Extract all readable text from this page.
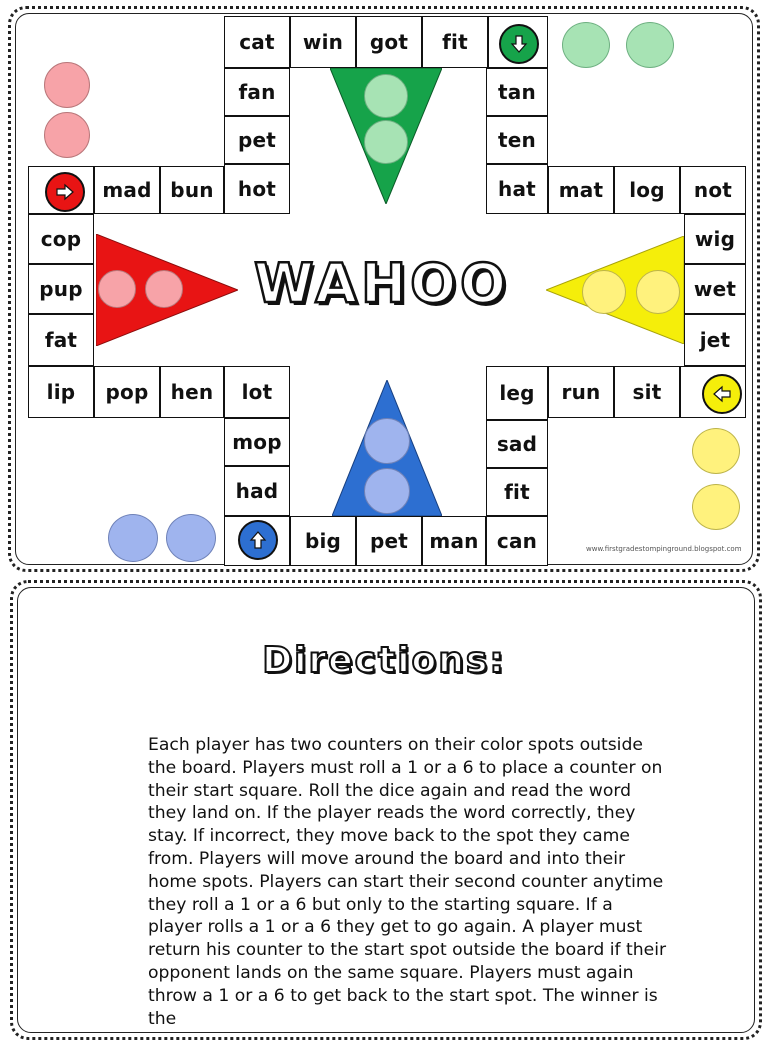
cat	win	got	fit
fan
pet
hot
tan
ten
hat	mat	log	not
wig
wet
jet
mad bun
cop
pup
fat
lip	pop	hen	lot
mop
had
big	pet	man can
fit
sad
leg	run	sit
WAHOO
www.firstgradestompinground.blogspot.com
Directions:
Each player has two counters on their color spots outside the board. Players must roll a 1 or a 6 to place a counter on their start square. Roll the dice again and read the word they land on. If the player reads the word correctly, they stay. If incorrect, they move back to the spot they came from. Players will move around the board and into their home spots. Players can start their second counter anytime they roll a 1 or a 6 but only to the starting square. If a player rolls a 1 or a 6 they get to go again. A player must return his counter to the start spot outside the board if their opponent lands on the same square. Players must again throw a 1 or a 6 to get back to the start spot. The winner is the
